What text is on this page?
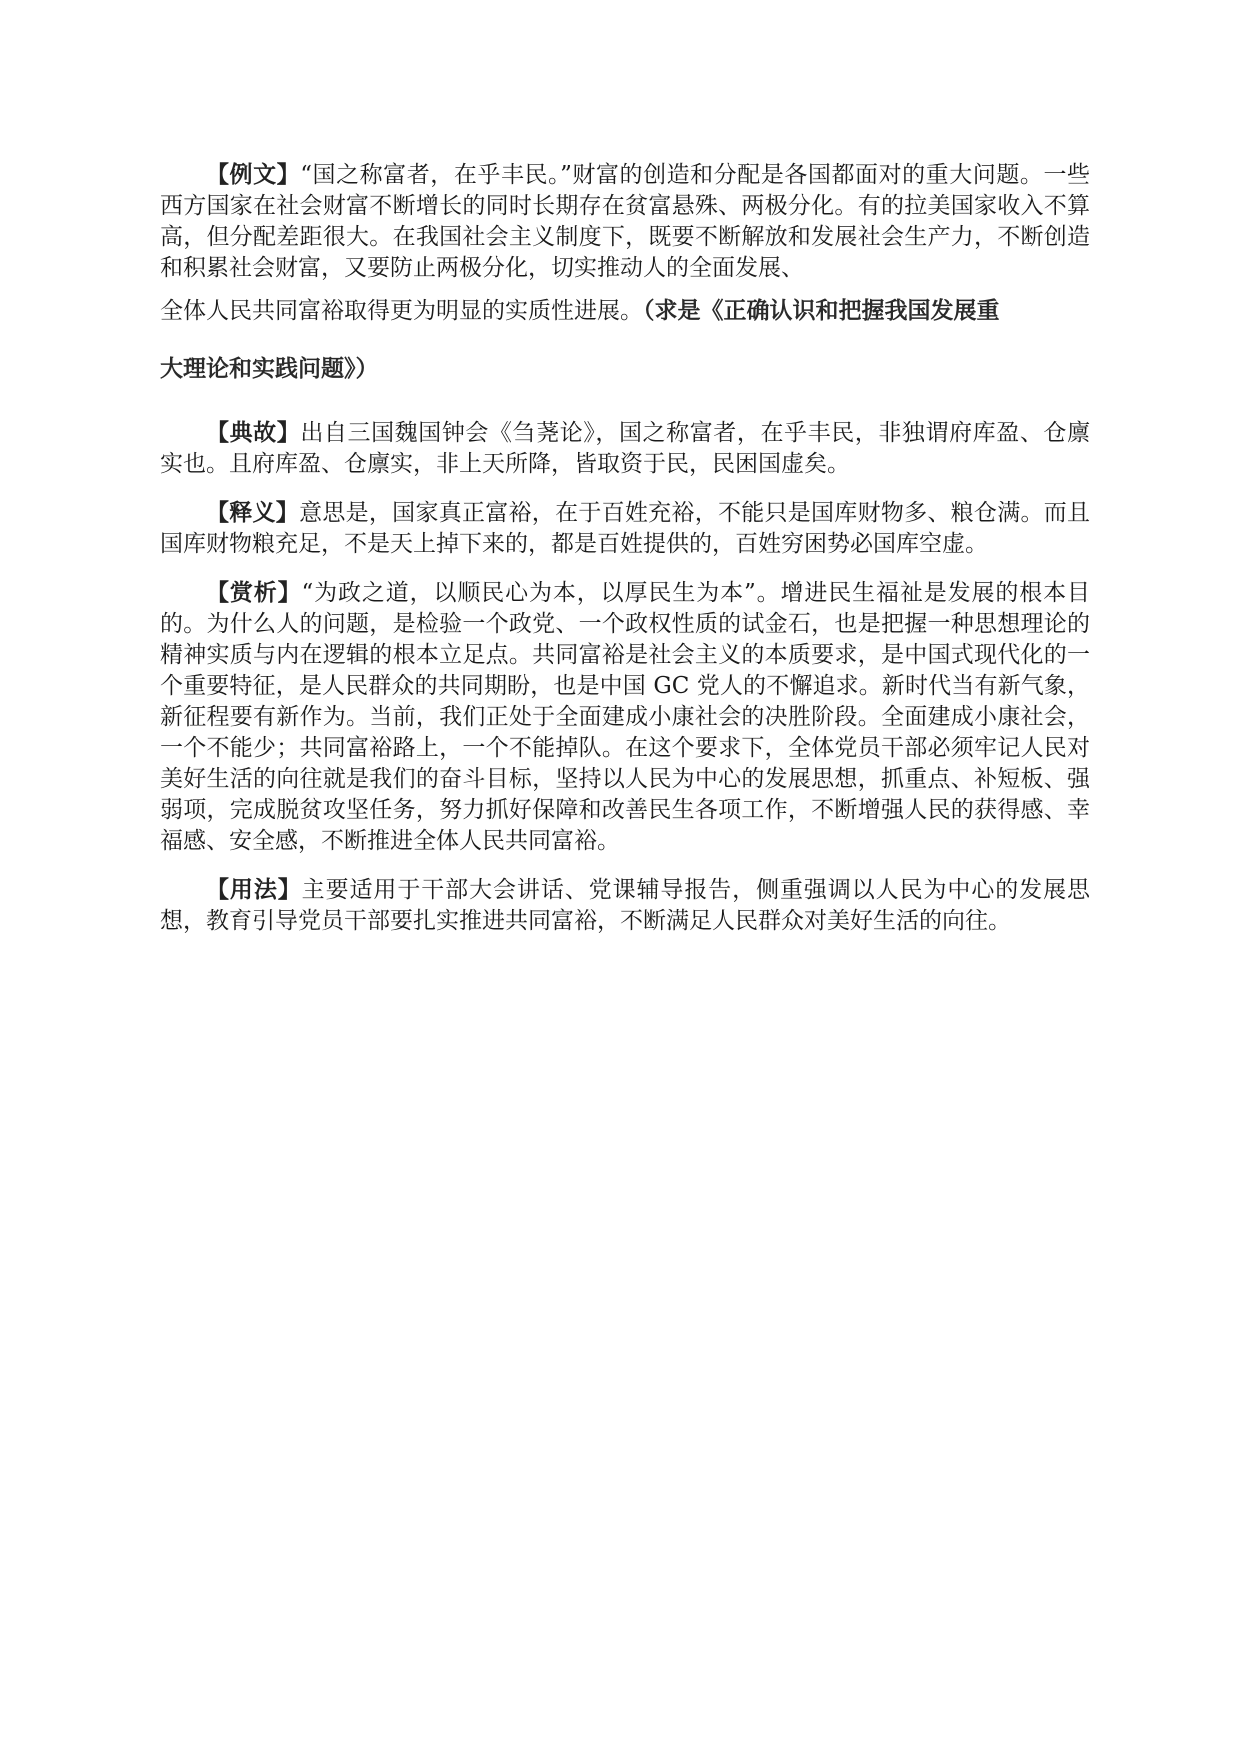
【例文】“国之称富者，在乎丰民。”财富的创造和分配是各国都面对的重大问题。一些西方国家在社会财富不断增长的同时长期存在贫富悬殊、两极分化。有的拉美国家收入不算高，但分配差距很大。在我国社会主义制度下，既要不断解放和发展社会生产力，不断创造和积累社会财富，又要防止两极分化，切实推动人的全面发展、
全体人民共同富裕取得更为明显的实质性进展。（求是《正确认识和把握我国发展重
大理论和实践问题》）

【典故】出自三国魏国钟会《刍荛论》，国之称富者，在乎丰民，非独谓府库盈、仓廪实也。且府库盈、仓廪实，非上天所降，皆取资于民，民困国虚矣。

【释义】意思是，国家真正富裕，在于百姓充裕，不能只是国库财物多、粮仓满。而且国库财物粮充足，不是天上掉下来的，都是百姓提供的，百姓穷困势必国库空虚。

【赏析】“为政之道，以顺民心为本，以厚民生为本”。增进民生福祉是发展的根本目的。为什么人的问题，是检验一个政党、一个政权性质的试金石，也是把握一种思想理论的精神实质与内在逻辑的根本立足点。共同富裕是社会主义的本质要求，是中国式现代化的一个重要特征，是人民群众的共同期盼，也是中国 GC 党人的不懈追求。新时代当有新气象，新征程要有新作为。当前，我们正处于全面建成小康社会的决胜阶段。全面建成小康社会，一个不能少；共同富裕路上，一个不能掉队。在这个要求下，全体党员干部必须牢记人民对美好生活的向往就是我们的奋斗目标，坚持以人民为中心的发展思想，抓重点、补短板、强弱项，完成脱贫攻坚任务，努力抓好保障和改善民生各项工作，不断增强人民的获得感、幸福感、安全感，不断推进全体人民共同富裕。

【用法】主要适用于干部大会讲话、党课辅导报告，侧重强调以人民为中心的发展思想，教育引导党员干部要扎实推进共同富裕，不断满足人民群众对美好生活的向往。
